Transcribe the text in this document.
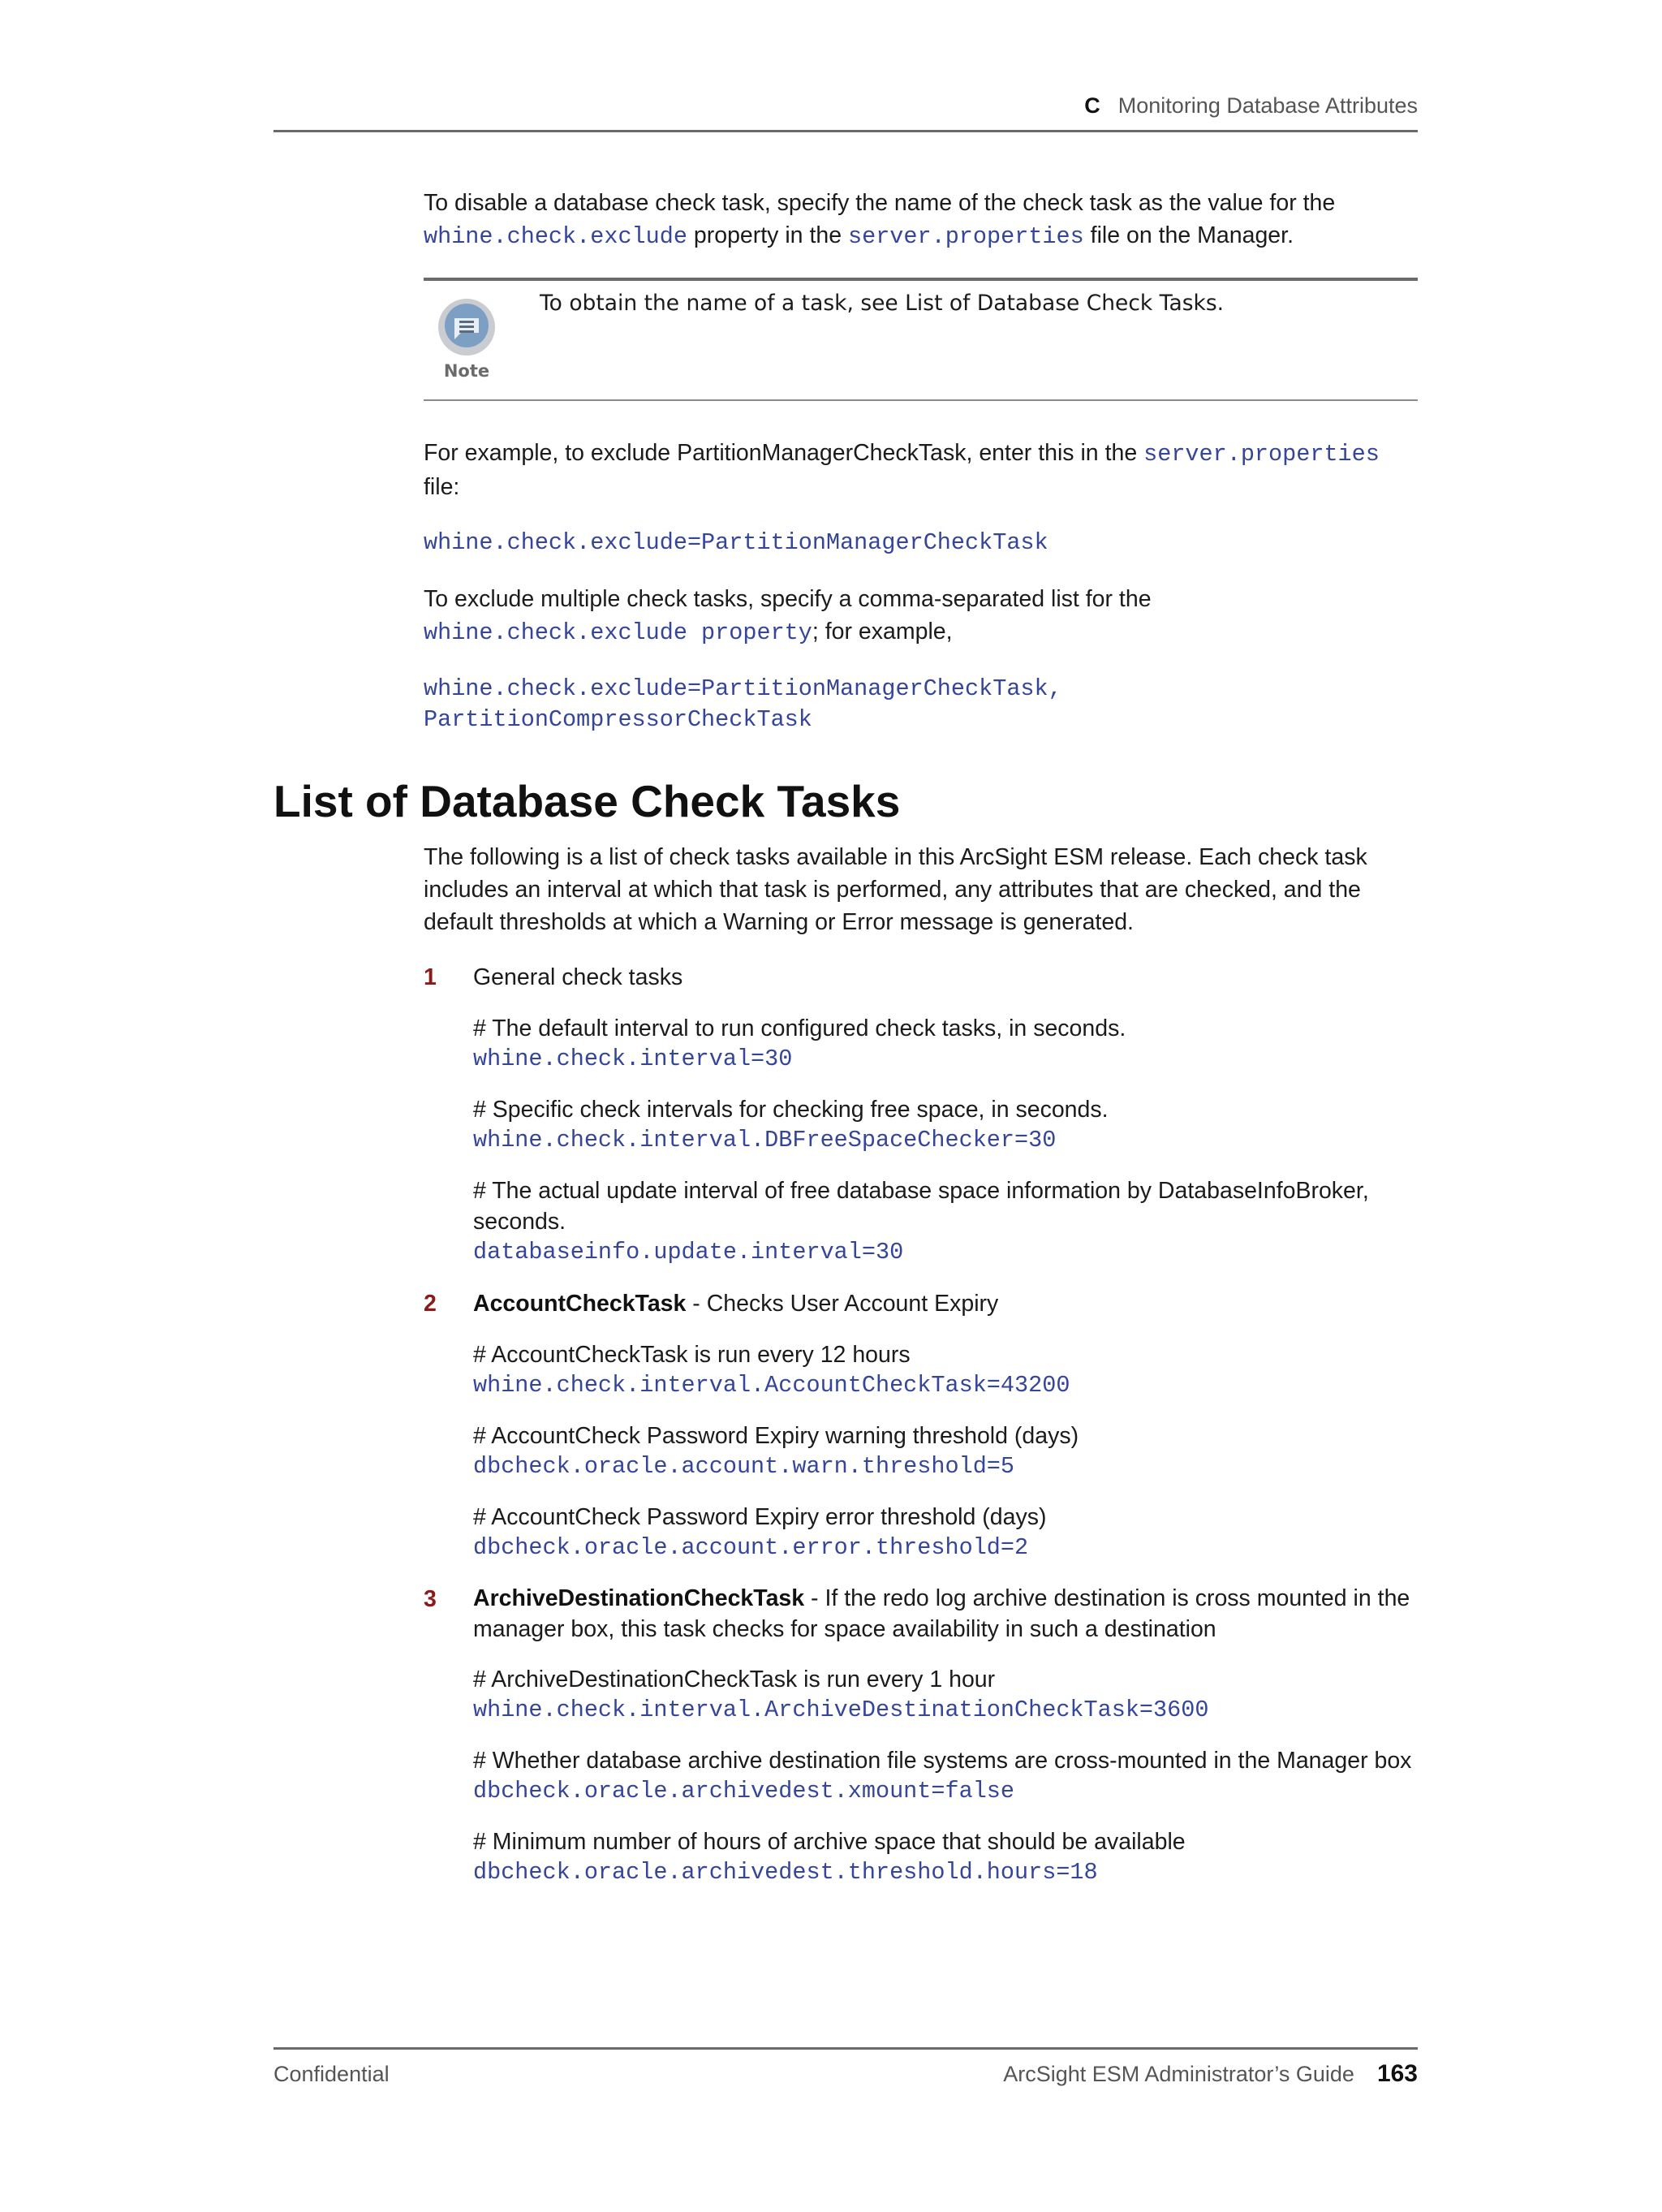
C Monitoring Database Attributes

To disable a database check task, specify the name of the check task as the value for the whine.check.exclude property in the server.properties file on the Manager.

Note
To obtain the name of a task, see List of Database Check Tasks.

For example, to exclude PartitionManagerCheckTask, enter this in the server.properties file:

whine.check.exclude=PartitionManagerCheckTask

To exclude multiple check tasks, specify a comma-separated list for the whine.check.exclude property; for example,

whine.check.exclude=PartitionManagerCheckTask,
PartitionCompressorCheckTask
List of Database Check Tasks

The following is a list of check tasks available in this ArcSight ESM release. Each check task includes an interval at which that task is performed, any attributes that are checked, and the default thresholds at which a Warning or Error message is generated.

1 General check tasks
# The default interval to run configured check tasks, in seconds.
whine.check.interval=30
# Specific check intervals for checking free space, in seconds.
whine.check.interval.DBFreeSpaceChecker=30
# The actual update interval of free database space information by DatabaseInfoBroker, seconds.
databaseinfo.update.interval=30
2 AccountCheckTask - Checks User Account Expiry
# AccountCheckTask is run every 12 hours
whine.check.interval.AccountCheckTask=43200
# AccountCheck Password Expiry warning threshold (days)
dbcheck.oracle.account.warn.threshold=5
# AccountCheck Password Expiry error threshold (days)
dbcheck.oracle.account.error.threshold=2
3 ArchiveDestinationCheckTask - If the redo log archive destination is cross mounted in the manager box, this task checks for space availability in such a destination
# ArchiveDestinationCheckTask is run every 1 hour
whine.check.interval.ArchiveDestinationCheckTask=3600
# Whether database archive destination file systems are cross-mounted in the Manager box
dbcheck.oracle.archivedest.xmount=false
# Minimum number of hours of archive space that should be available
dbcheck.oracle.archivedest.threshold.hours=18
Confidential	ArcSight ESM Administrator’s Guide 163
